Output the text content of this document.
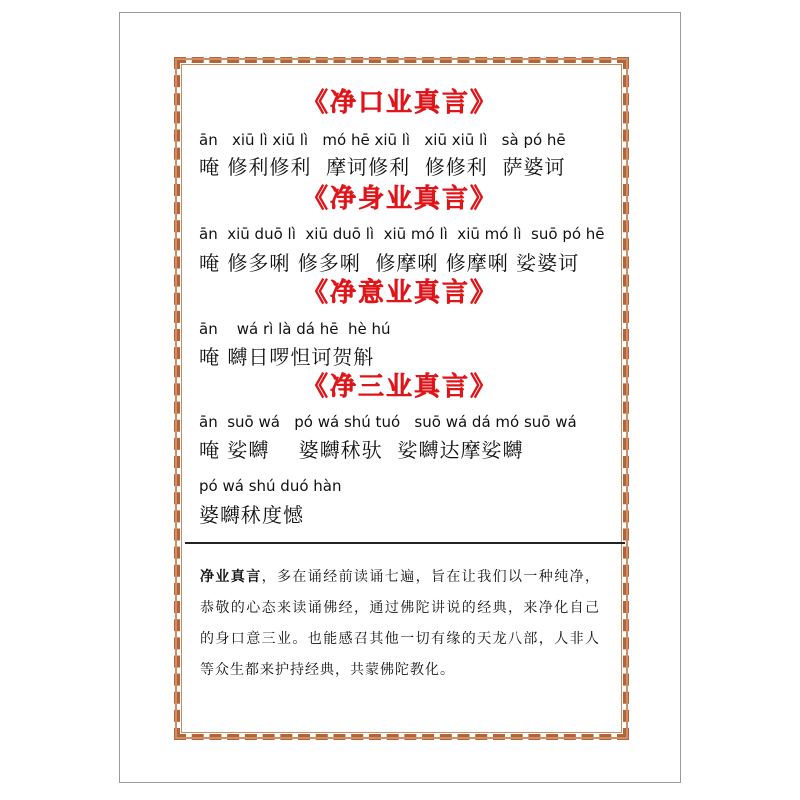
《净口业真言》
ān   xiū lì xiū lì   mó hē xiū lì   xiū xiū lì   sà pó hē
唵 修利修利  摩诃修利  修修利  萨婆诃
《净身业真言》
ān  xiū duō lì  xiū duō lì  xiū mó lì  xiū mó lì  suō pó hē
唵 修多唎 修多唎  修摩唎 修摩唎 娑婆诃
《净意业真言》
ān    wá rì là dá hē  hè hú
唵 嚩日啰怛诃贺斛
《净三业真言》
ān  suō wá   pó wá shú tuó   suō wá dá mó suō wá
唵 娑嚩    婆嚩秫驮  娑嚩达摩娑嚩
pó wá shú duó hàn
婆嚩秫度憾
净业真言，多在诵经前读诵七遍，旨在让我们以一种纯净，恭敬的心态来读诵佛经，通过佛陀讲说的经典，来净化自己的身口意三业。也能感召其他一切有缘的天龙八部，人非人等众生都来护持经典，共蒙佛陀教化。
